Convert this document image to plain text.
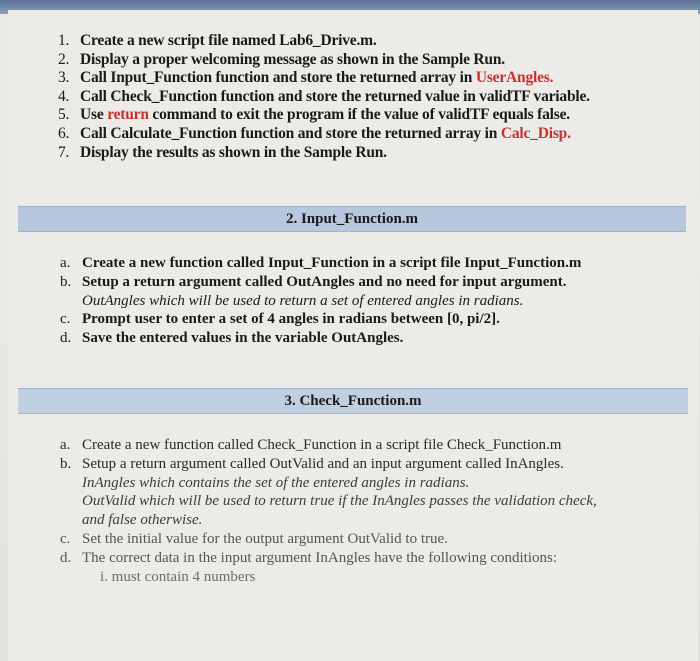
1. Create a new script file named Lab6_Drive.m.
2. Display a proper welcoming message as shown in the Sample Run.
3. Call Input_Function function and store the returned array in UserAngles.
4. Call Check_Function function and store the returned value in validTF variable.
5. Use return command to exit the program if the value of validTF equals false.
6. Call Calculate_Function function and store the returned array in Calc_Disp.
7. Display the results as shown in the Sample Run.
2. Input_Function.m
a. Create a new function called Input_Function in a script file Input_Function.m
b. Setup a return argument called OutAngles and no need for input argument.
OutAngles which will be used to return a set of entered angles in radians.
c. Prompt user to enter a set of 4 angles in radians between [0, pi/2].
d. Save the entered values in the variable OutAngles.
3. Check_Function.m
a. Create a new function called Check_Function in a script file Check_Function.m
b. Setup a return argument called OutValid and an input argument called InAngles.
InAngles which contains the set of the entered angles in radians.
OutValid which will be used to return true if the InAngles passes the validation check,
and false otherwise.
c. Set the initial value for the output argument OutValid to true.
d. The correct data in the input argument InAngles have the following conditions:
i. must contain 4 numbers
